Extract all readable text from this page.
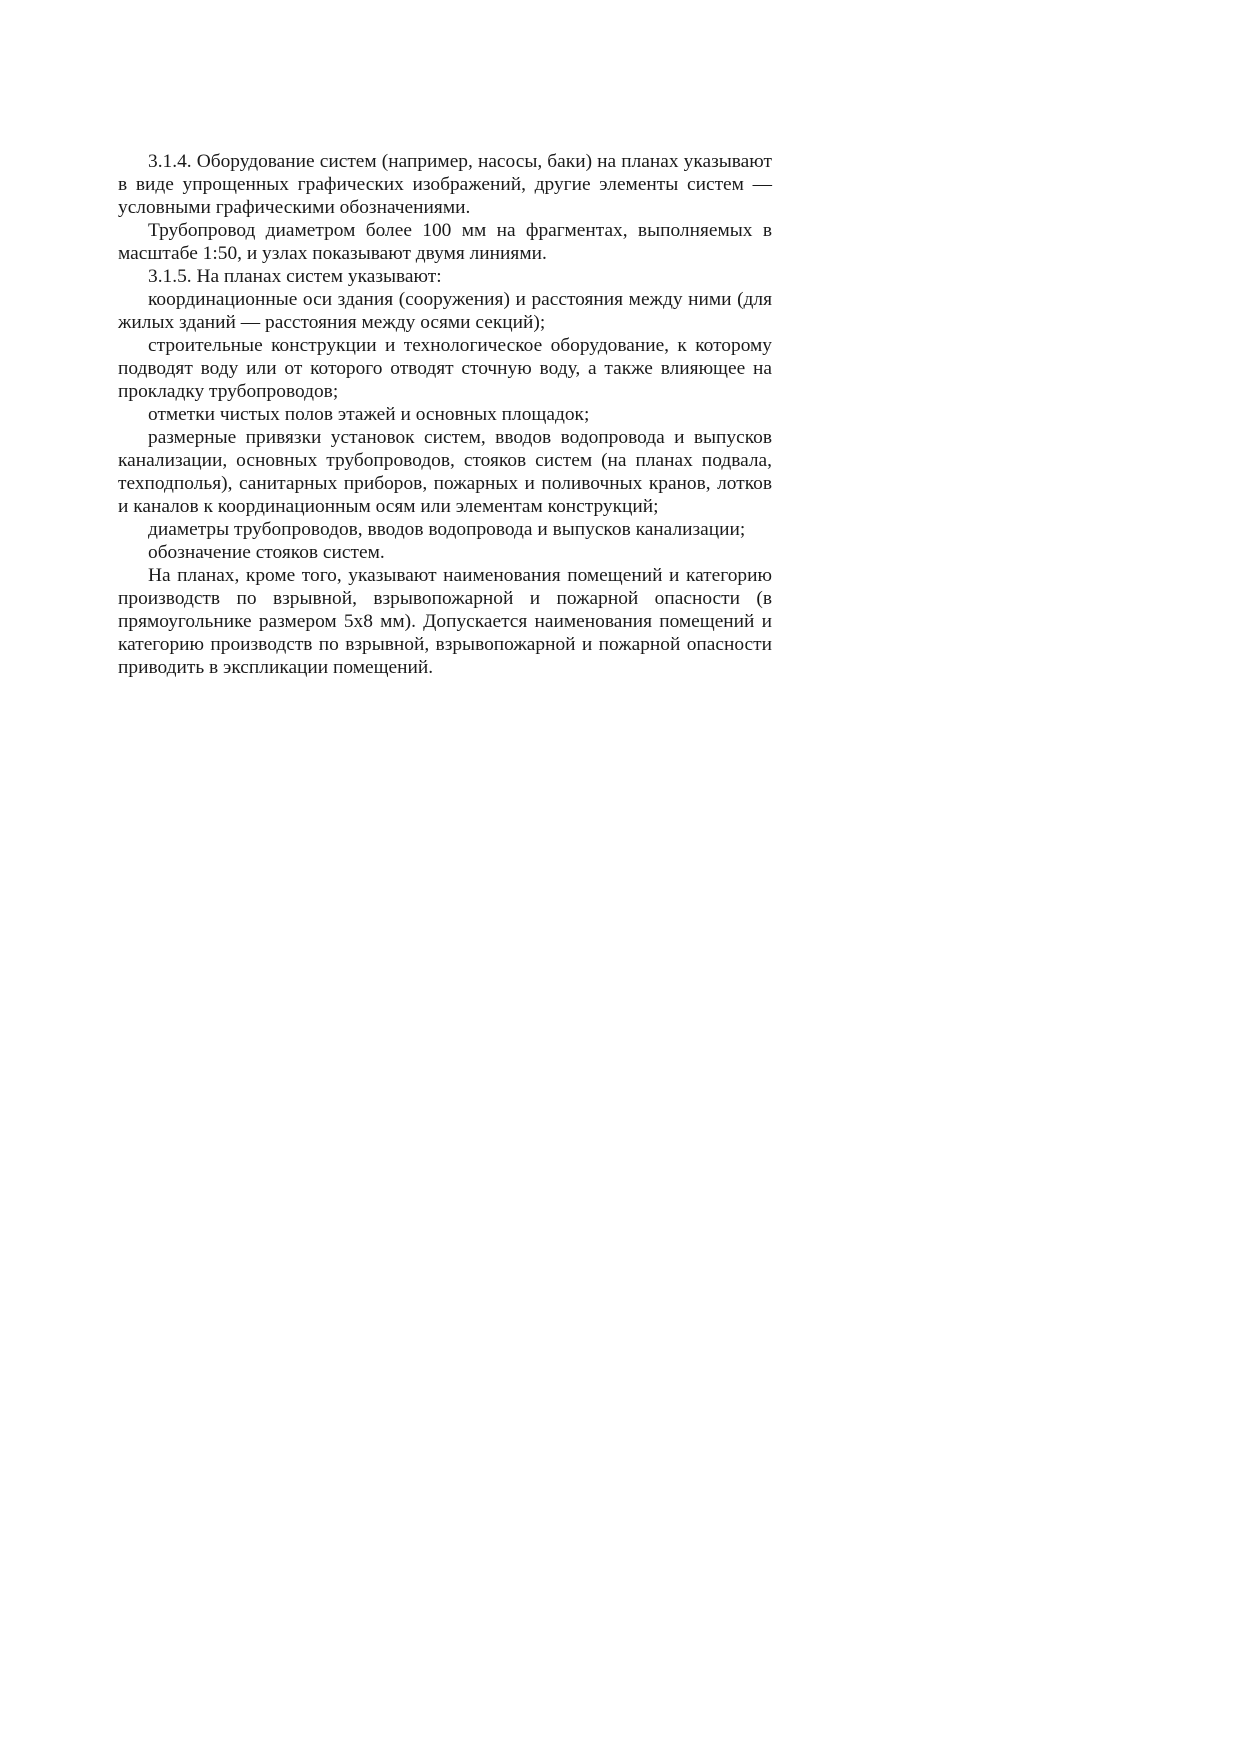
3.1.4. Оборудование систем (например, насосы, баки) на планах указывают в виде упрощенных графических изображений, другие элементы систем — условными графическими обозначениями.

Трубопровод диаметром более 100 мм на фрагментах, выполняемых в масштабе 1:50, и узлах показывают двумя линиями.

3.1.5. На планах систем указывают:

координационные оси здания (сооружения) и расстояния между ними (для жилых зданий — расстояния между осями секций);

строительные конструкции и технологическое оборудование, к которому подводят воду или от которого отводят сточную воду, а также влияющее на прокладку трубопроводов;

отметки чистых полов этажей и основных площадок;

размерные привязки установок систем, вводов водопровода и выпусков канализации, основных трубопроводов, стояков систем (на планах подвала, техподполья), санитарных приборов, пожарных и поливочных кранов, лотков и каналов к координационным осям или элементам конструкций;

диаметры трубопроводов, вводов водопровода и выпусков канализации;

обозначение стояков систем.

На планах, кроме того, указывают наименования помещений и категорию производств по взрывной, взрывопожарной и пожарной опасности (в прямоугольнике размером 5х8 мм). Допускается наименования помещений и категорию производств по взрывной, взрывопожарной и пожарной опасности приводить в экспликации помещений.
